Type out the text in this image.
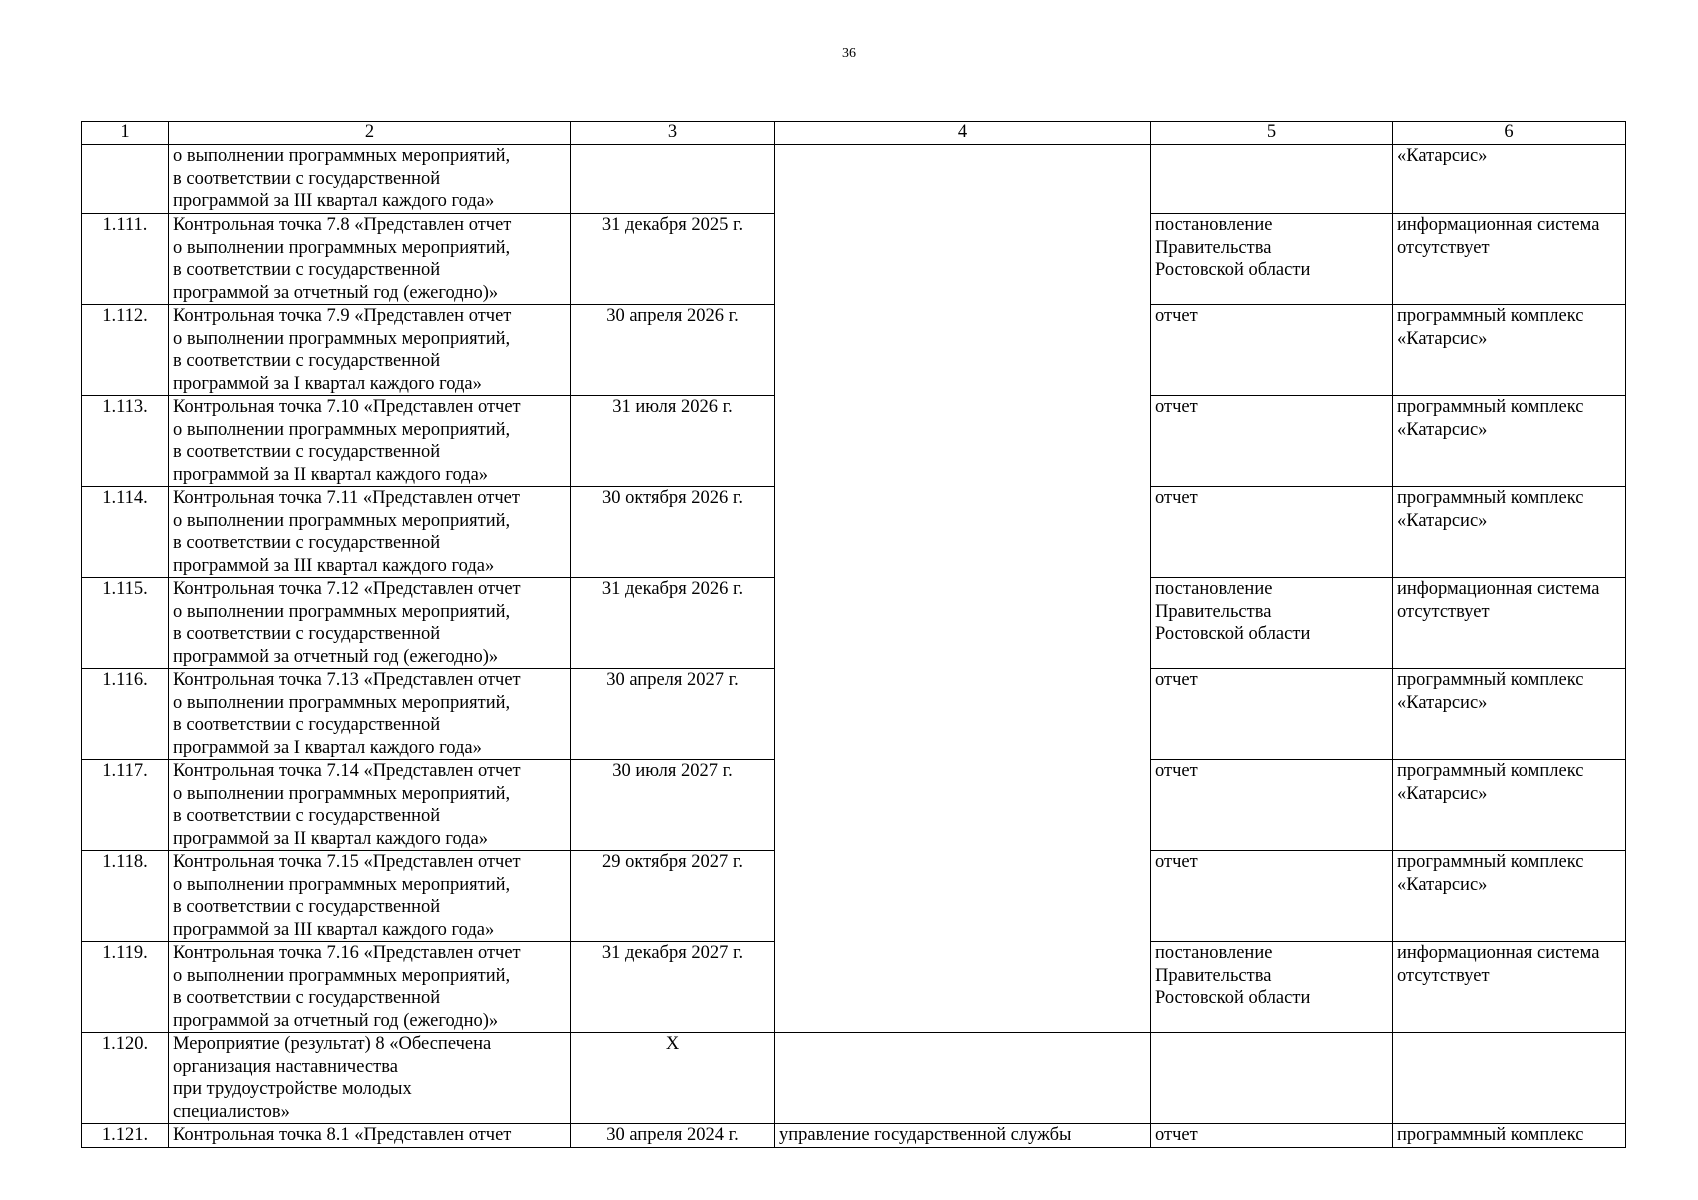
36
1	2	3	4	5	6
	о выполнении программных мероприятий,
в соответствии с государственной
программой за III квартал каждого года»				«Катарсис»
1.111.	Контрольная точка 7.8 «Представлен отчет
о выполнении программных мероприятий,
в соответствии с государственной
программой за отчетный год (ежегодно)»	31 декабря 2025 г.		постановление
Правительства
Ростовской области	информационная система
отсутствует
1.112.	Контрольная точка 7.9 «Представлен отчет
о выполнении программных мероприятий,
в соответствии с государственной
программой за I квартал каждого года»	30 апреля 2026 г.		отчет	программный комплекс
«Катарсис»
1.113.	Контрольная точка 7.10 «Представлен отчет
о выполнении программных мероприятий,
в соответствии с государственной
программой за II квартал каждого года»	31 июля 2026 г.		отчет	программный комплекс
«Катарсис»
1.114.	Контрольная точка 7.11 «Представлен отчет
о выполнении программных мероприятий,
в соответствии с государственной
программой за III квартал каждого года»	30 октября 2026 г.		отчет	программный комплекс
«Катарсис»
1.115.	Контрольная точка 7.12 «Представлен отчет
о выполнении программных мероприятий,
в соответствии с государственной
программой за отчетный год (ежегодно)»	31 декабря 2026 г.		постановление
Правительства
Ростовской области	информационная система
отсутствует
1.116.	Контрольная точка 7.13 «Представлен отчет
о выполнении программных мероприятий,
в соответствии с государственной
программой за I квартал каждого года»	30 апреля 2027 г.		отчет	программный комплекс
«Катарсис»
1.117.	Контрольная точка 7.14 «Представлен отчет
о выполнении программных мероприятий,
в соответствии с государственной
программой за II квартал каждого года»	30 июля 2027 г.		отчет	программный комплекс
«Катарсис»
1.118.	Контрольная точка 7.15 «Представлен отчет
о выполнении программных мероприятий,
в соответствии с государственной
программой за III квартал каждого года»	29 октября 2027 г.		отчет	программный комплекс
«Катарсис»
1.119.	Контрольная точка 7.16 «Представлен отчет
о выполнении программных мероприятий,
в соответствии с государственной
программой за отчетный год (ежегодно)»	31 декабря 2027 г.		постановление
Правительства
Ростовской области	информационная система
отсутствует
1.120.	Мероприятие (результат) 8 «Обеспечена
организация наставничества
при трудоустройстве молодых
специалистов»	Х			
1.121.	Контрольная точка 8.1 «Представлен отчет	30 апреля 2024 г.	управление государственной службы	отчет	программный комплекс
